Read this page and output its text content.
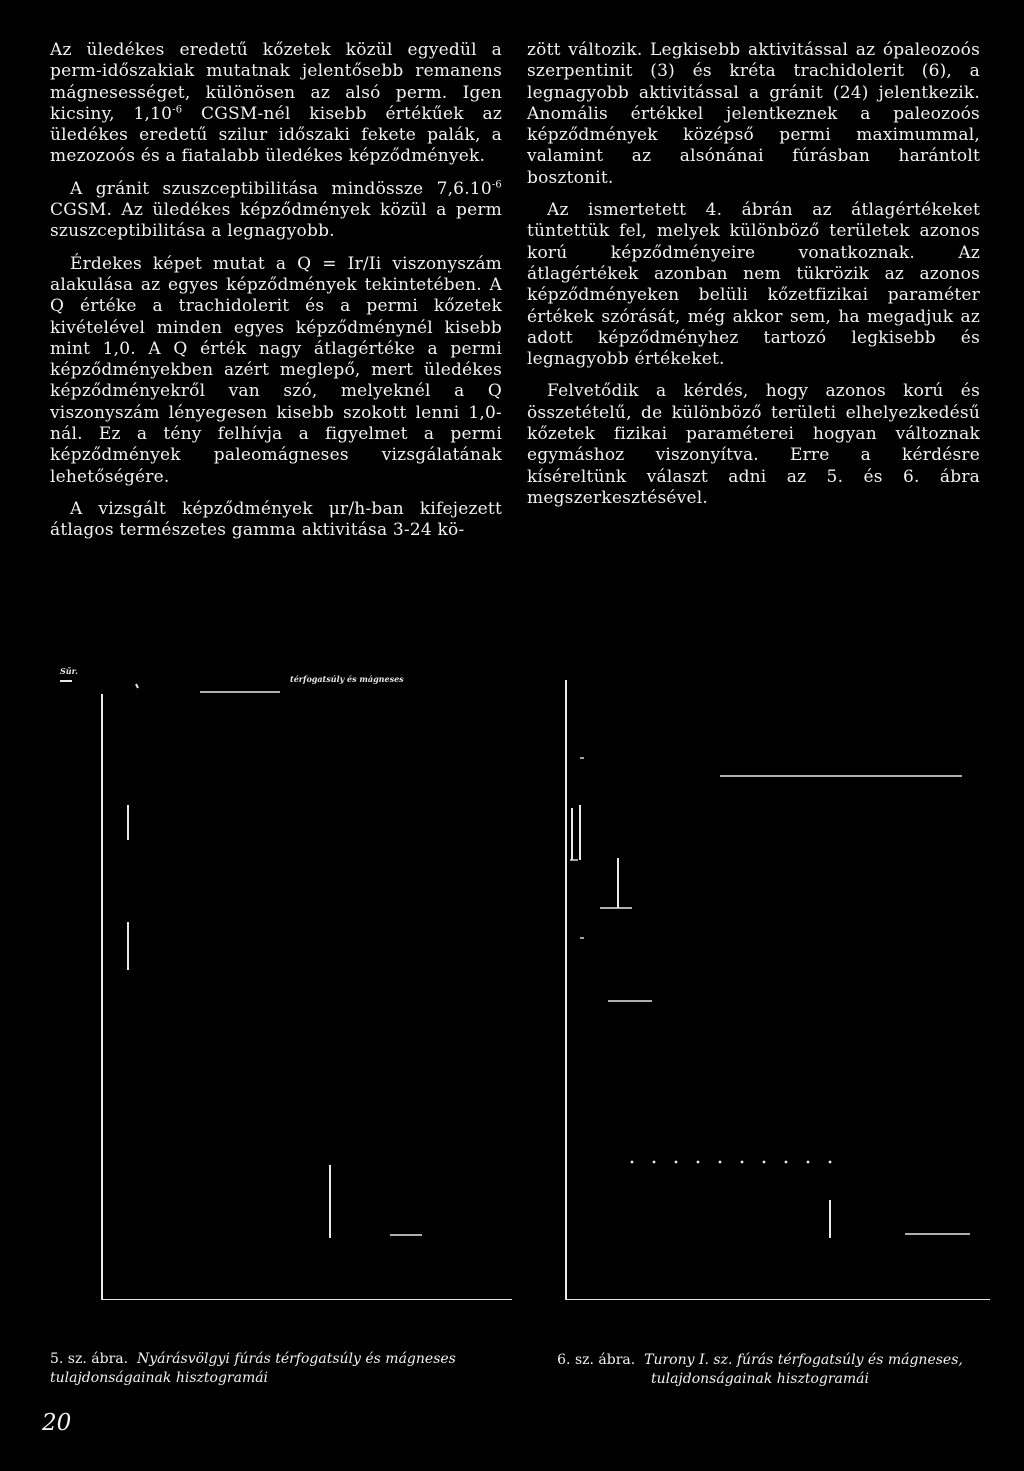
Az üledékes eredetű kőzetek közül egyedül a perm-időszakiak mutatnak jelentősebb remanens mágnesességet, különösen az alsó perm. Igen kicsiny, $1,10^{-6}$ CGSM-nél kisebb értékűek az üledékes eredetű szilur időszaki fekete palák, a mezozoós és a fiatalabb üledékes képződmények.

A gránit szuszceptibilitása mindössze $7,6.10^{-6}$ CGSM. Az üledékes képződmények közül a perm szuszceptibilitása a legnagyobb.

Érdekes képet mutat a Q = Ir/Ii viszonyszám alakulása az egyes képződmények tekintetében. A Q értéke a trachidolerit és a permi kőzetek kivételével minden egyes képződménynél kisebb mint 1,0. A Q érték nagy átlagértéke a permi képződményekben azért meglepő, mert üledékes képződményekről van szó, melyeknél a Q viszonyszám lényegesen kisebb szokott lenni 1,0-nál. Ez a tény felhívja a figyelmet a permi képződmények paleomágneses vizsgálatának lehetőségére.

A vizsgált képződmények μr/h-ban kifejezett átlagos természetes gamma aktivitása 3-24 kö-

zött változik. Legkisebb aktivitással az ópaleozoós szerpentinit (3) és kréta trachidolerit (6), a legnagyobb aktivitással a gránit (24) jelentkezik. Anomális értékkel jelentkeznek a paleozoós képződmények középső permi maximummal, valamint az alsónánai fúrásban harántolt bosztonit.

Az ismertetett 4. ábrán az átlagértékeket tüntettük fel, melyek különböző területek azonos korú képződményeire vonatkoznak. Az átlagértékek azonban nem tükrözik az azonos képződményeken belüli kőzetfizikai paraméter értékek szórását, még akkor sem, ha megadjuk az adott képződményhez tartozó legkisebb és legnagyobb értékeket.

Felvetődik a kérdés, hogy azonos korú és összetételű, de különböző területi elhelyezkedésű kőzetek fizikai paraméterei hogyan változnak egymáshoz viszonyítva. Erre a kérdésre kíséreltünk választ adni az 5. és 6. ábra megszerkesztésével.

Sűr.
térfogatsúly és mágneses
5. sz. ábra. Nyárásvölgyi fúrás térfogatsúly és mágneses tulajdonságainak hisztogramái
6. sz. ábra. Turony I. sz. fúrás térfogatsúly és mágneses, tulajdonságainak hisztogramái
20
